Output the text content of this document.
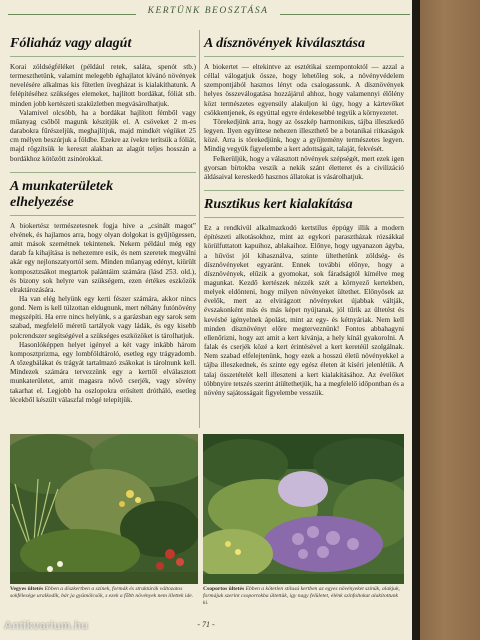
KERTÜNK BEOSZTÁSA
Fóliaház vagy alagút

Korai zöldségféléket (például retek, saláta, spenót stb.) termeszthetünk, valamint melegebb éghajlatot kívánó növények nevelésére alkalmas kis fűtetlen üvegházat is kialakíthatunk. A felépítéséhez szükséges elemeket, hajlított bordákat, fóliát stb. minden jobb kertészeti szaküzletben megvásárolhatjuk.

Valamivel olcsóbb, ha a bordákat hajlított fémből vagy műanyag csőből magunk készítjük el. A csöveket 2 m-es darabokra fűrészeljük, meghajlítjuk, majd mindkét végüket 25 cm mélyen beszúrjuk a földbe. Ezekre az ívekre terítsük a fóliát, majd rögzítsük le kereszt alakban az alagút teljes hosszán a bordákhoz kötözött zsinórokkal.

A munkaterületek
elhelyezése

A biokertész természetesnek fogja hive a „csinált magot” elvének, és hajlamos arra, hogy olyan dolgokat is gyűjtögessen, amit mások szemétnek tekintenek. Nekem például még egy darab fa kihajítása is nehezemre esik, és nem szeretek megválni akár egy nejlonszatyortól sem. Minden műanyag edényt, kiürült komposztzsákot megtartok palántáim számára (lásd 253. old.), és bizony sok helyre van szükségem, ezen értékes eszközök elraktározására.

Ha van elég helyünk egy kerti fészer számára, akkor nincs gond. Nem is kell túlzottan eldugnunk, mert néhány futónövény megszépíti. Ha erre nincs helyünk, s a garázsban egy sarok sem szabad, megfelelő méretű tartályok vagy ládák, és egy kisebb polcrendszer segítségével a szükséges eszközöket is tárolhatjuk.

Hasonlóképpen helyet igényel a két vagy inkább három komposztprizma, egy lombföldtároló, esetleg egy trágyadomb. A tőzegbálákat és trágyát tartalmazó zsákokat is tárolnunk kell. Mindezek számára tervezzünk egy a kerttől elválasztott munkaterületet, amit magasra növő cserjék, vagy sövény takarhat el. Legjobb ha oszlopokra erősített drótháló, esetleg lécekből készült válaszfal mögé telepítjük.

A dísznövények kiválasztása

A biokertet — eltekintve az esztétikai szempontoktól — azzal a céllal válogatjuk össze, hogy lehetőleg sok, a növényvédelem szempontjából hasznos lényt oda csalogassunk. A dísznövények helyes összeválogatása hozzájárul ahhoz, hogy valamennyi élőlény közt természetes egyensúly alakuljon ki úgy, hogy a kártevőket csökkentjenek, és egyúttal egyre érdekesebbé tegyük a környezetet.

Törekedjünk arra, hogy az összkép harmonikus, tájba illeszkedő legyen. Ilyen együttese nehezen illeszthető be a botanikai ritkaságok közé. Arra is törekedjünk, hogy a gyűjtemény természetes legyen. Mindig vegyük figyelembe a kert adottságait, talaját, fekvését.

Felkerüljük, hogy a választott növények szépségét, mert ezek igen gyorsan bírtokba veszik a nekik szánt életteret és a civilizáció áldásaival kereskedő hasznos állatokat is vásárolhatjuk.

Rusztikus kert kialakítása

Ez a rendkívül alkalmazkodó kertstílus éppúgy illik a modern építészeti alkotásokhoz, mint az egykori parasztházak rózsákkal körülfuttatott kapuihoz, ablakaihoz. Előnye, hogy ugyanazon ágyba, a hűvöst jól kihasználva, szinte ültethetünk zöldség- és dísznövényeket egyaránt. Ennek további előnye, hogy a dísznövények, elűzik a gyomokat, sok fáradságtól kímélve meg magunkat. Kezdő kertészek nézzék szét a környező kertekben, melyek eldönteni, hogy milyen növényeket ültethet. Előnyösek az évelők, mert az elvirágzott növényeket újabbak váltják, évszakonként más és más képet nyújtanak, jól tűrik az ültetést és kevésbé igényelnek ápolást, mint az egy- és kétnyáriak. Nem kell minden dísznövényt előre megterveznünk! Fontos abbahagyni ellenőrizni, hogy azt amit a kert kívánja, a hely kínál gyakorolni. A falak és cserjék közé a kert érintésével a kert keretéül szolgálnak. Nem szabad elfelejtenünk, hogy ezek a hosszú életű növényekkel a tájba illeszkednek, és szinte egy egész életen át kíséri jelenlétük. A talaj összetételét kell illeszteni a kert kialakításához. Az évelőket többnyire tetszés szerint átültethetjük, ha a megfelelő időpontban és a növény sajátosságait figyelembe vesszük.

Vegyes ültetés Ebben a díszkertben a színek, formák és struktúrák változatos sokfélesége uralkodik, bár ja gyümölcsök, s ezek a főbb növények nem illettek ide.
Csoportos ültetés Ebben a kötetlen stílusú kertben az egyes növényeket színük, alakjuk, formájuk szerint csoportokba ültettük, így nagy felületet, élénk színfoltokat alakítottunk ki.
- 71 -
Antikvarium.hu
